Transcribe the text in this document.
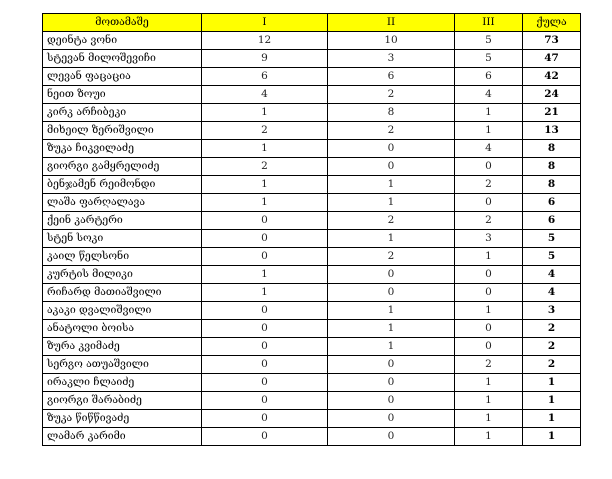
მოთამაშე	I	II	III	ქულა
დეინტა ვონი	12	10	5	73
სტევან მილოშევიჩი	9	3	5	47
ლევან ფაცაცია	6	6	6	42
ნეით ზოუი	4	2	4	24
კირკ არჩიბეკი	1	8	1	21
მიხეილ ზერიშვილი	2	2	1	13
ზუკა ჩიკვილაძე	1	0	4	8
გიორგი გამყრელიძე	2	0	0	8
ბენჯამენ რეიმონდი	1	1	2	8
ლაშა ფარღალავა	1	1	0	6
ქეინ კარტერი	0	2	2	6
სტენ სოკი	0	1	3	5
კაილ წელსონი	0	2	1	5
კურტის მილიკი	1	0	0	4
რიჩარდ მათიაშვილი	1	0	0	4
აკაკი დვალიშვილი	0	1	1	3
ანატოლი ბოისა	0	1	0	2
ზურა კვიმაძე	0	1	0	2
სერგო ათუაშვილი	0	0	2	2
ირაკლი ჩლაიძე	0	0	1	1
გიორგი შარაბიძე	0	0	1	1
ზუკა წიწწივაძე	0	0	1	1
ლამარ კარიმი	0	0	1	1
